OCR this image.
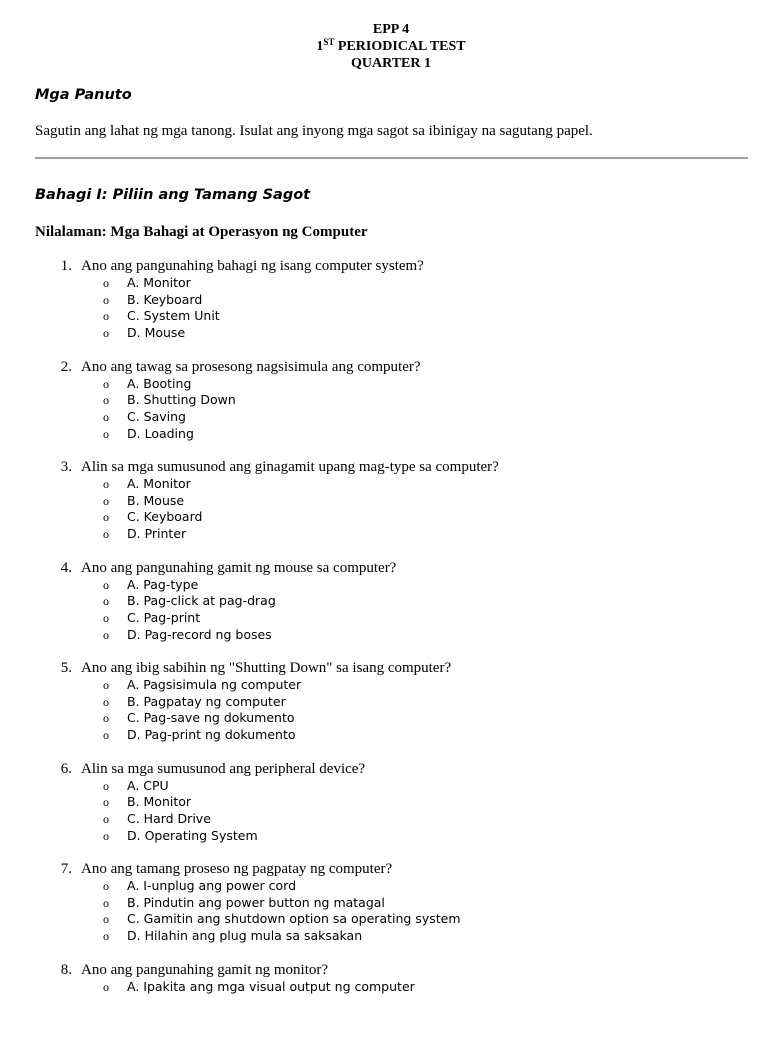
EPP 4
1ST PERIODICAL TEST
QUARTER 1
Mga Panuto
Sagutin ang lahat ng mga tanong. Isulat ang inyong mga sagot sa ibinigay na sagutang papel.
Bahagi I: Piliin ang Tamang Sagot
Nilalaman: Mga Bahagi at Operasyon ng Computer
1. Ano ang pangunahing bahagi ng isang computer system?
o A. Monitor
o B. Keyboard
o C. System Unit
o D. Mouse
2. Ano ang tawag sa prosesong nagsisimula ang computer?
o A. Booting
o B. Shutting Down
o C. Saving
o D. Loading
3. Alin sa mga sumusunod ang ginagamit upang mag-type sa computer?
o A. Monitor
o B. Mouse
o C. Keyboard
o D. Printer
4. Ano ang pangunahing gamit ng mouse sa computer?
o A. Pag-type
o B. Pag-click at pag-drag
o C. Pag-print
o D. Pag-record ng boses
5. Ano ang ibig sabihin ng "Shutting Down" sa isang computer?
o A. Pagsisimula ng computer
o B. Pagpatay ng computer
o C. Pag-save ng dokumento
o D. Pag-print ng dokumento
6. Alin sa mga sumusunod ang peripheral device?
o A. CPU
o B. Monitor
o C. Hard Drive
o D. Operating System
7. Ano ang tamang proseso ng pagpatay ng computer?
o A. I-unplug ang power cord
o B. Pindutin ang power button ng matagal
o C. Gamitin ang shutdown option sa operating system
o D. Hilahin ang plug mula sa saksakan
8. Ano ang pangunahing gamit ng monitor?
o A. Ipakita ang mga visual output ng computer
